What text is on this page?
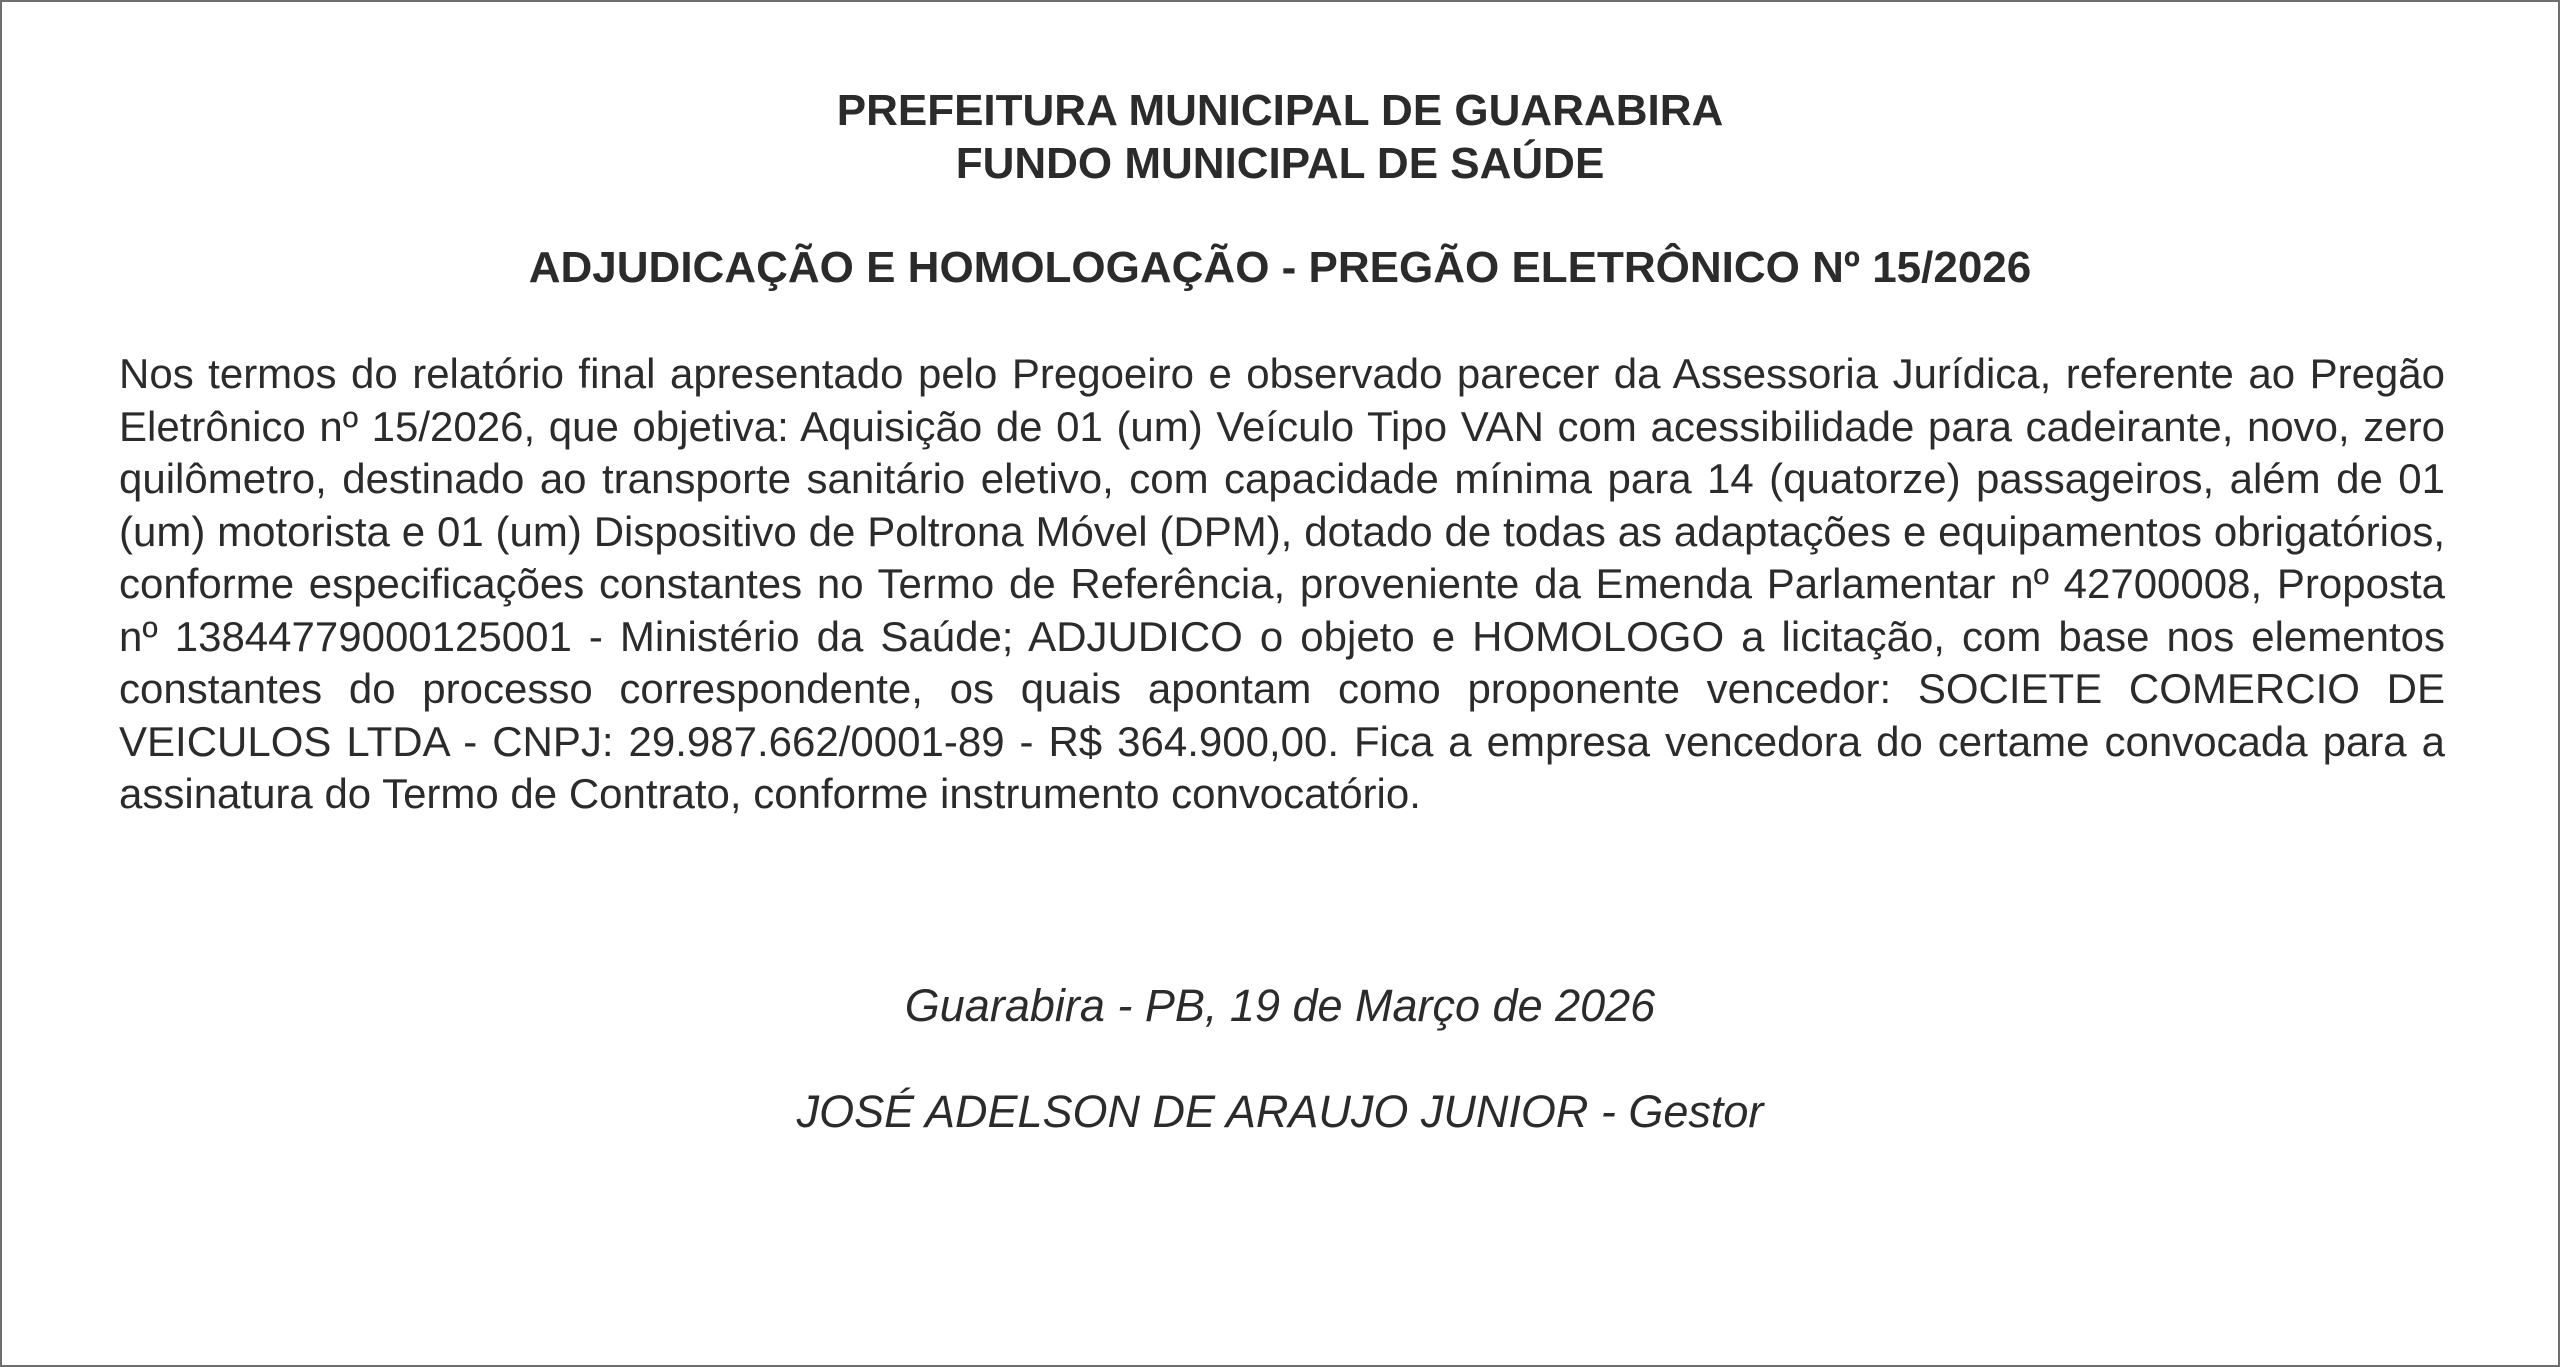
PREFEITURA MUNICIPAL DE GUARABIRA
FUNDO MUNICIPAL DE SAÚDE
ADJUDICAÇÃO E HOMOLOGAÇÃO - PREGÃO ELETRÔNICO Nº 15/2026
Nos termos do relatório final apresentado pelo Pregoeiro e observado parecer da Assessoria Jurídica, referente ao Pregão Eletrônico nº 15/2026, que objetiva: Aquisição de 01 (um) Veículo Tipo VAN com acessibilidade para cadeirante, novo, zero quilômetro, destinado ao transporte sanitário eletivo, com capacidade mínima para 14 (quatorze) passageiros, além de 01 (um) motorista e 01 (um) Dispositivo de Poltrona Móvel (DPM), dotado de todas as adaptações e equipamentos obrigatórios, conforme especificações constantes no Termo de Referência, proveniente da Emenda Parlamentar nº 42700008, Proposta nº 13844779000125001 - Ministério da Saúde; ADJUDICO o objeto e HOMOLOGO a licitação, com base nos elementos constantes do processo correspondente, os quais apontam como proponente vencedor: SOCIETE COMERCIO DE VEICULOS LTDA - CNPJ: 29.987.662/0001-89 - R$ 364.900,00. Fica a empresa vencedora do certame convocada para a assinatura do Termo de Contrato, conforme instrumento convocatório.
Guarabira - PB, 19 de Março de 2026
JOSÉ ADELSON DE ARAUJO JUNIOR - Gestor
